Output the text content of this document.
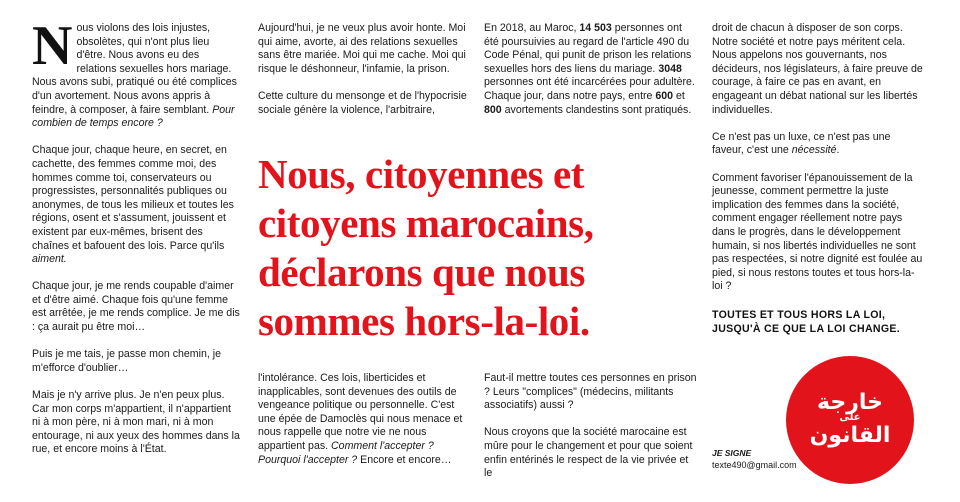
Nous violons des lois injustes, obsolètes, qui n'ont plus lieu d'être. Nous avons eu des relations sexuelles hors mariage. Nous avons subi, pratiqué ou été complices d'un avortement. Nous avons appris à feindre, à composer, à faire semblant. Pour combien de temps encore ?

Chaque jour, chaque heure, en secret, en cachette, des femmes comme moi, des hommes comme toi, conservateurs ou progressistes, personnalités publiques ou anonymes, de tous les milieux et toutes les régions, osent et s'assument, jouissent et existent par eux-mêmes, brisent des chaînes et bafouent des lois. Parce qu'ils aiment.

Chaque jour, je me rends coupable d'aimer et d'être aimé. Chaque fois qu'une femme est arrêtée, je me rends complice. Je me dis : ça aurait pu être moi…

Puis je me tais, je passe mon chemin, je m'efforce d'oublier…

Mais je n'y arrive plus. Je n'en peux plus. Car mon corps m'appartient, il n'appartient ni à mon père, ni à mon mari, ni à mon entourage, ni aux yeux des hommes dans la rue, et encore moins à l'État.

Aujourd'hui, je ne veux plus avoir honte. Moi qui aime, avorte, ai des relations sexuelles sans être mariée. Moi qui me cache. Moi qui risque le déshonneur, l'infamie, la prison.

Cette culture du mensonge et de l'hypocrisie sociale génère la violence, l'arbitraire,

En 2018, au Maroc, 14 503 personnes ont été poursuivies au regard de l'article 490 du Code Pénal, qui punit de prison les relations sexuelles hors des liens du mariage. 3048 personnes ont été incarcérées pour adultère. Chaque jour, dans notre pays, entre 600 et 800 avortements clandestins sont pratiqués.

droit de chacun à disposer de son corps. Notre société et notre pays méritent cela. Nous appelons nos gouvernants, nos décideurs, nos législateurs, à faire preuve de courage, à faire ce pas en avant, en engageant un débat national sur les libertés individuelles.

Ce n'est pas un luxe, ce n'est pas une faveur, c'est une nécessité.

Comment favoriser l'épanouissement de la jeunesse, comment permettre la juste implication des femmes dans la société, comment engager réellement notre pays dans le progrès, dans le développement humain, si nos libertés individuelles ne sont pas respectées, si notre dignité est foulée au pied, si nous restons toutes et tous hors-la-loi ?

Nous, citoyennes et
citoyens marocains,
déclarons que nous
sommes hors-la-loi.

l'intolérance. Ces lois, liberticides et inapplicables, sont devenues des outils de vengeance politique ou personnelle. C'est une épée de Damoclès qui nous menace et nous rappelle que notre vie ne nous appartient pas. Comment l'accepter ? Pourquoi l'accepter ? Encore et encore…

Faut-il mettre toutes ces personnes en prison ? Leurs "complices" (médecins, militants associatifs) aussi ?

Nous croyons que la société marocaine est mûre pour le changement et pour que soient enfin entérinés le respect de la vie privée et le

TOUTES ET TOUS HORS LA LOI,
JUSQU'À CE QUE LA LOI CHANGE.
JE SIGNE
texte490@gmail.com
خارجة
على
القانون
